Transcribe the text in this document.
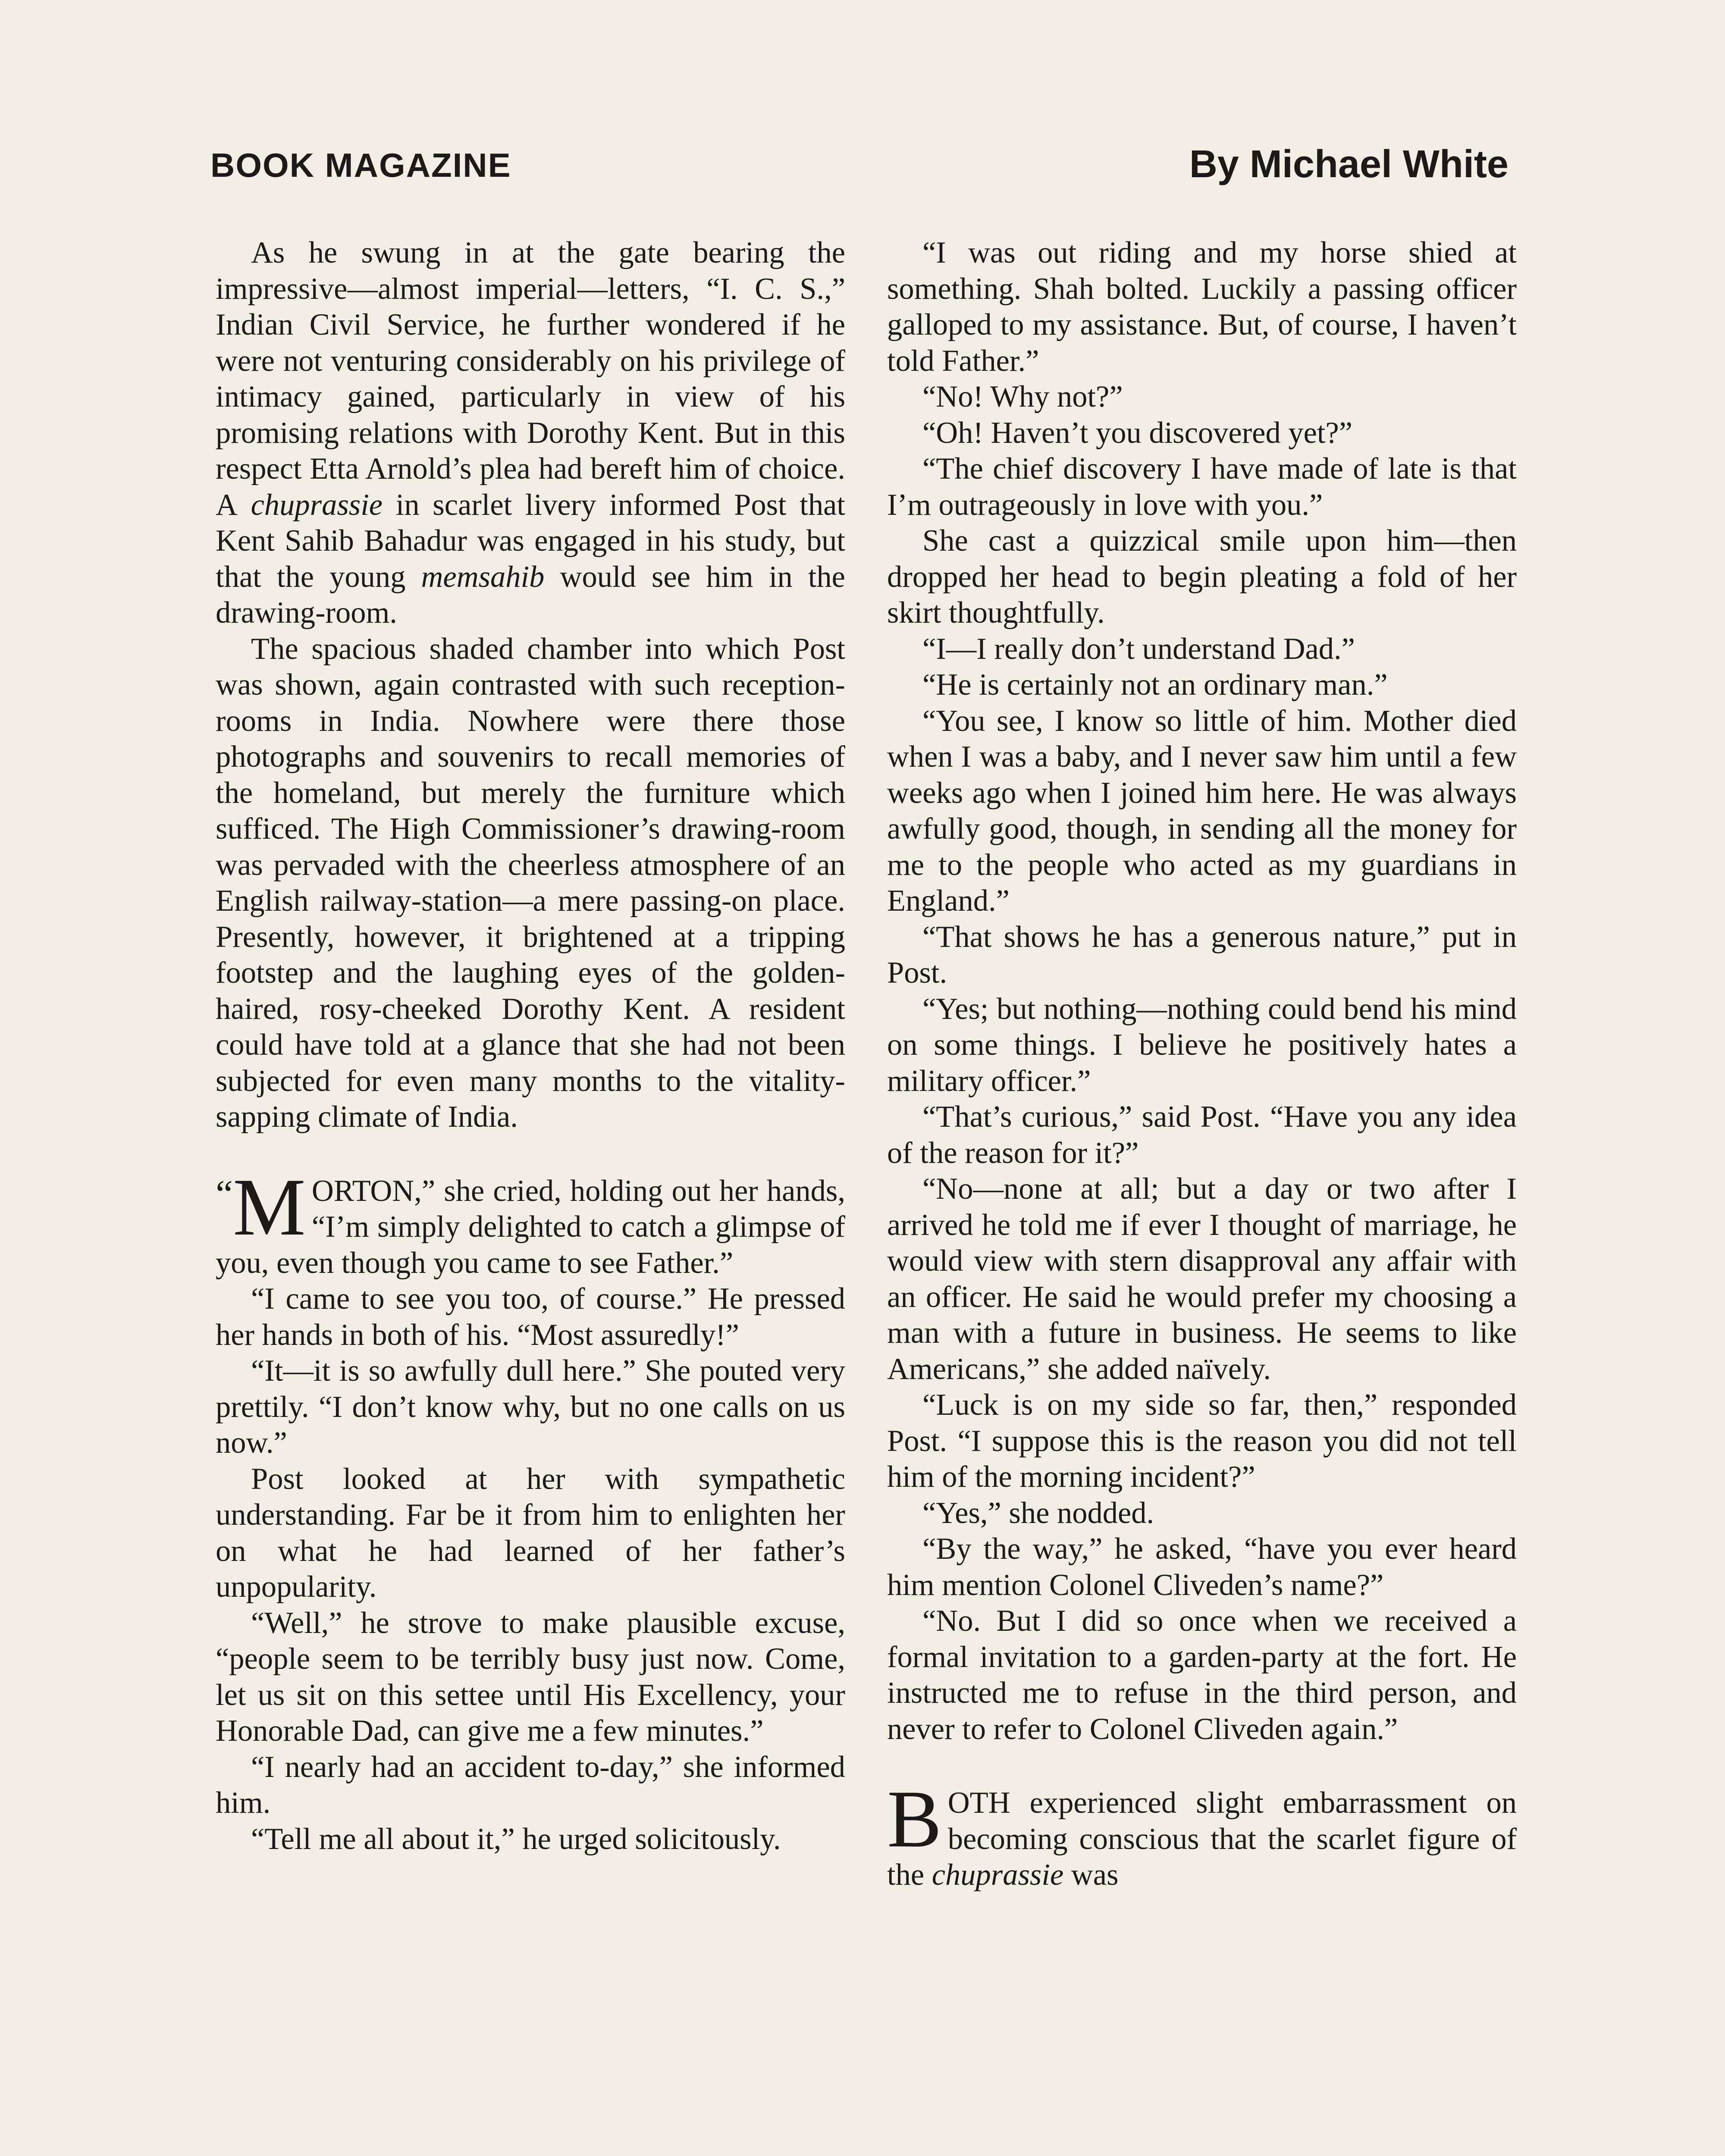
BOOK MAGAZINE	By Michael White

As he swung in at the gate bearing the impressive—almost imperial—letters, “I. C. S.,” Indian Civil Service, he further wondered if he were not venturing considerably on his privilege of intimacy gained, particularly in view of his promising relations with Dorothy Kent. But in this respect Etta Arnold’s plea had bereft him of choice. A chuprassie in scarlet livery informed Post that Kent Sahib Bahadur was engaged in his study, but that the young memsahib would see him in the drawing-room.

The spacious shaded chamber into which Post was shown, again contrasted with such reception-rooms in India. Nowhere were there those photographs and souvenirs to recall memories of the homeland, but merely the furniture which sufficed. The High Commissioner’s drawing-room was pervaded with the cheerless atmosphere of an English railway-station—a mere passing-on place. Presently, however, it brightened at a tripping footstep and the laughing eyes of the golden-haired, rosy-cheeked Dorothy Kent. A resident could have told at a glance that she had not been subjected for even many months to the vitality-sapping climate of India.

“ M ORTON,” she cried, holding out her hands, “I’m simply delighted to catch a glimpse of you, even though you came to see Father.”

“I came to see you too, of course.” He pressed her hands in both of his. “Most assuredly!”

“It—it is so awfully dull here.” She pouted very prettily. “I don’t know why, but no one calls on us now.”

Post looked at her with sympathetic understanding. Far be it from him to enlighten her on what he had learned of her father’s unpopularity.

“Well,” he strove to make plausible excuse, “people seem to be terribly busy just now. Come, let us sit on this settee until His Excellency, your Honorable Dad, can give me a few minutes.”

“I nearly had an accident to-day,” she informed him.

“Tell me all about it,” he urged solicitously.

“I was out riding and my horse shied at something. Shah bolted. Luckily a passing officer galloped to my assistance. But, of course, I haven’t told Father.”

“No! Why not?”

“Oh! Haven’t you discovered yet?”

“The chief discovery I have made of late is that I’m outrageously in love with you.”

She cast a quizzical smile upon him—then dropped her head to begin pleating a fold of her skirt thoughtfully.

“I—I really don’t understand Dad.”

“He is certainly not an ordinary man.”

“You see, I know so little of him. Mother died when I was a baby, and I never saw him until a few weeks ago when I joined him here. He was always awfully good, though, in sending all the money for me to the people who acted as my guardians in England.”

“That shows he has a generous nature,” put in Post.

“Yes; but nothing—nothing could bend his mind on some things. I believe he positively hates a military officer.”

“That’s curious,” said Post. “Have you any idea of the reason for it?”

“No—none at all; but a day or two after I arrived he told me if ever I thought of marriage, he would view with stern disapproval any affair with an officer. He said he would prefer my choosing a man with a future in business. He seems to like Americans,” she added naïvely.

“Luck is on my side so far, then,” responded Post. “I suppose this is the reason you did not tell him of the morning incident?”

“Yes,” she nodded.

“By the way,” he asked, “have you ever heard him mention Colonel Cliveden’s name?”

“No. But I did so once when we received a formal invitation to a garden-party at the fort. He instructed me to refuse in the third person, and never to refer to Colonel Cliveden again.”

BOTH experienced slight embarrassment on becoming conscious that the scarlet figure of the chuprassie was
